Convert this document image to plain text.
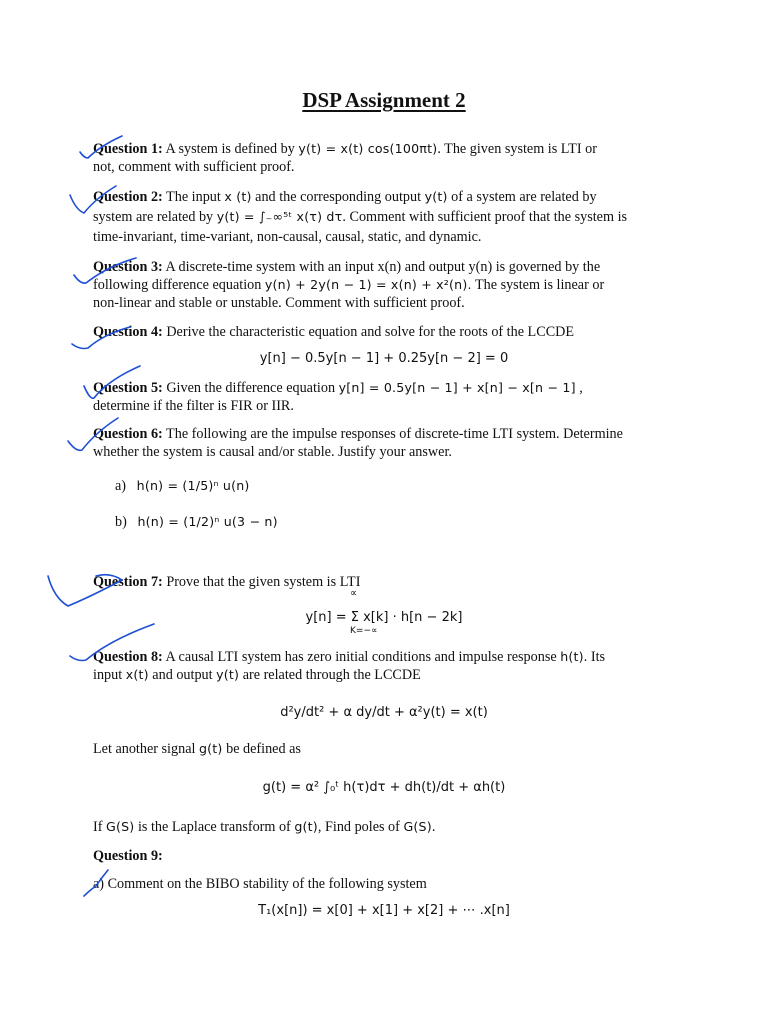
DSP Assignment 2
Question 1: A system is defined by y(t) = x(t) cos(100πt). The given system is LTI or
not, comment with sufficient proof.
Question 2: The input x (t) and the corresponding output y(t) of a system are related by
system are related by y(t) = ∫₋∞⁵ᵗ x(τ) dτ. Comment with sufficient proof that the system is
time-invariant, time-variant, non-causal, causal, static, and dynamic.
Question 3: A discrete-time system with an input x(n) and output y(n) is governed by the
following difference equation y(n) + 2y(n − 1) = x(n) + x²(n). The system is linear or
non-linear and stable or unstable. Comment with sufficient proof.
Question 4: Derive the characteristic equation and solve for the roots of the LCCDE
y[n] − 0.5y[n − 1] + 0.25y[n − 2] = 0
Question 5: Given the difference equation y[n] = 0.5y[n − 1] + x[n] − x[n − 1] ,
determine if the filter is FIR or IIR.
Question 6: The following are the impulse responses of discrete-time LTI system. Determine
whether the system is causal and/or stable. Justify your answer.
a) h(n) = (1/5)ⁿ u(n)
b) h(n) = (1/2)ⁿ u(3 − n)
Question 7: Prove that the given system is LTI
∝
K=−∝
y[n] = Σ x[k] · h[n − 2k]
Question 8: A causal LTI system has zero initial conditions and impulse response h(t). Its
input x(t) and output y(t) are related through the LCCDE
d²y/dt² + α dy/dt + α²y(t) = x(t)
Let another signal g(t) be defined as
g(t) = α² ∫₀ᵗ h(τ)dτ + dh(t)/dt + αh(t)
If G(S) is the Laplace transform of g(t), Find poles of G(S).
Question 9:
a) Comment on the BIBO stability of the following system
T₁(x[n]) = x[0] + x[1] + x[2] + ⋯ .x[n]
